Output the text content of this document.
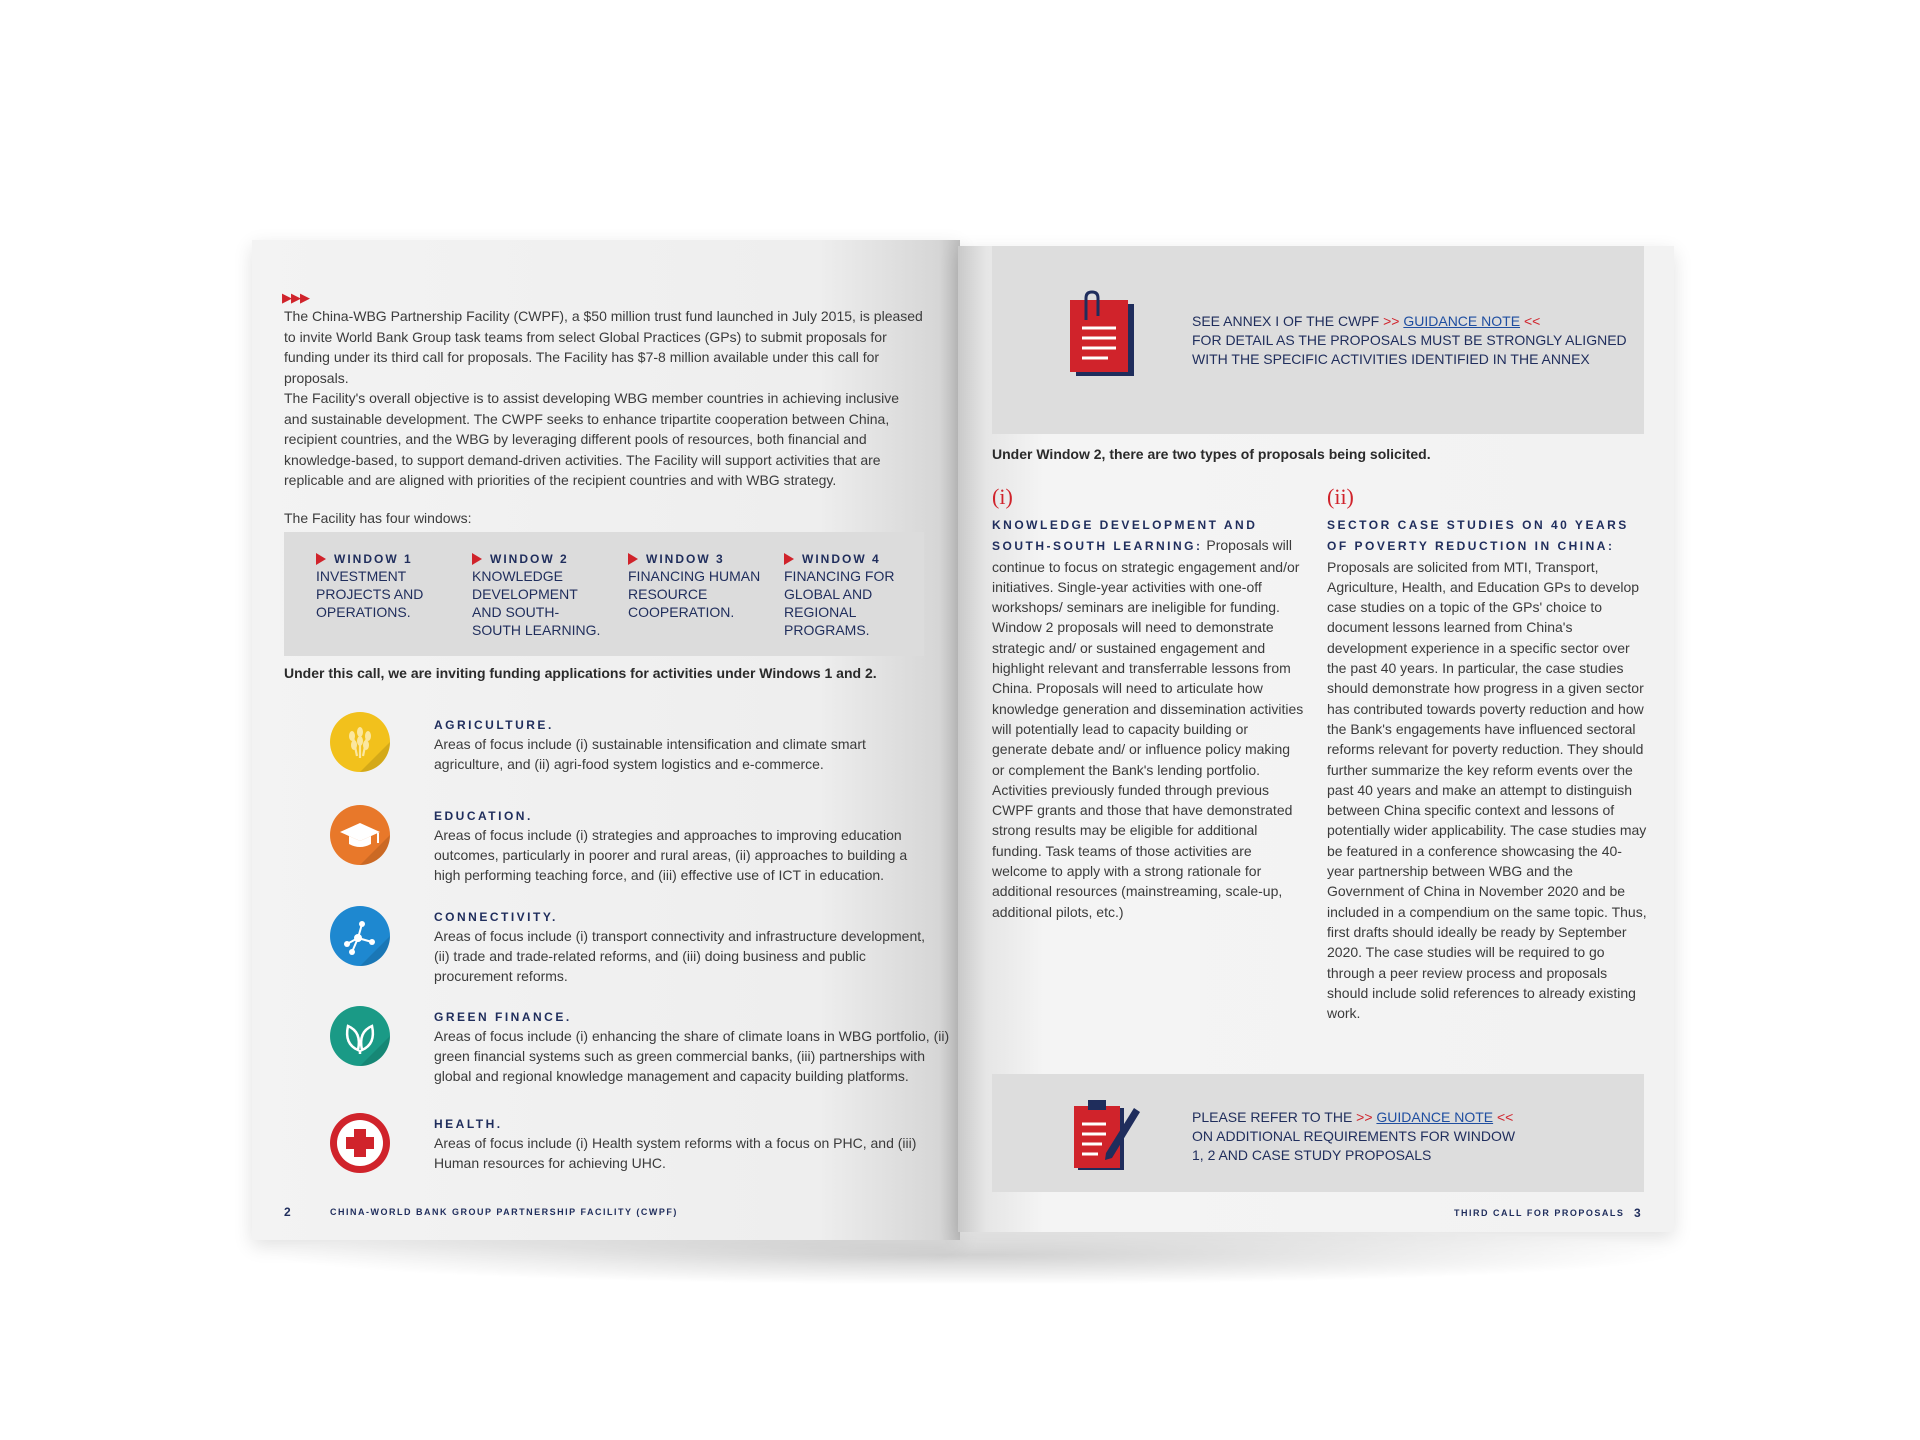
▶▶▶
The China-WBG Partnership Facility (CWPF), a $50 million trust fund launched in July 2015, is pleased to invite World Bank Group task teams from select Global Practices (GPs) to submit proposals for funding under its third call for proposals. The Facility has $7-8 million available under this call for proposals.
The Facility's overall objective is to assist developing WBG member countries in achieving inclusive and sustainable development. The CWPF seeks to enhance tripartite cooperation between China, recipient countries, and the WBG by leveraging different pools of resources, both financial and knowledge-based, to support demand-driven activities. The Facility will support activities that are replicable and are aligned with priorities of the recipient countries and with WBG strategy.
The Facility has four windows:
WINDOW 1
INVESTMENT PROJECTS AND OPERATIONS.
WINDOW 2
KNOWLEDGE DEVELOPMENT AND SOUTH-SOUTH LEARNING.
WINDOW 3
FINANCING HUMAN RESOURCE COOPERATION.
WINDOW 4
FINANCING FOR GLOBAL AND REGIONAL PROGRAMS.
Under this call, we are inviting funding applications for activities under Windows 1 and 2.
AGRICULTURE.
Areas of focus include (i) sustainable intensification and climate smart agriculture, and (ii) agri-food system logistics and e-commerce.
EDUCATION.
Areas of focus include (i) strategies and approaches to improving education outcomes, particularly in poorer and rural areas, (ii) approaches to building a high performing teaching force, and (iii) effective use of ICT in education.
CONNECTIVITY.
Areas of focus include (i) transport connectivity and infrastructure development, (ii) trade and trade-related reforms, and (iii) doing business and public procurement reforms.
GREEN FINANCE.
Areas of focus include (i) enhancing the share of climate loans in WBG portfolio, (ii) green financial systems such as green commercial banks, (iii) partnerships with global and regional knowledge management and capacity building platforms.
HEALTH.
Areas of focus include (i) Health system reforms with a focus on PHC, and (iii) Human resources for achieving UHC.
2	CHINA-WORLD BANK GROUP PARTNERSHIP FACILITY (CWPF)
SEE ANNEX I OF THE CWPF >> GUIDANCE NOTE <<
FOR DETAIL AS THE PROPOSALS MUST BE STRONGLY ALIGNED
WITH THE SPECIFIC ACTIVITIES IDENTIFIED IN THE ANNEX
Under Window 2, there are two types of proposals being solicited.
(i)
KNOWLEDGE DEVELOPMENT AND SOUTH-SOUTH LEARNING: Proposals will continue to focus on strategic engagement and/or initiatives. Single-year activities with one-off workshops/ seminars are ineligible for funding. Window 2 proposals will need to demonstrate strategic and/ or sustained engagement and highlight relevant and transferrable lessons from China. Proposals will need to articulate how knowledge generation and dissemination activities will potentially lead to capacity building or generate debate and/ or influence policy making or complement the Bank's lending portfolio. Activities previously funded through previous CWPF grants and those that have demonstrated strong results may be eligible for additional funding. Task teams of those activities are welcome to apply with a strong rationale for additional resources (mainstreaming, scale-up, additional pilots, etc.)
(ii)
SECTOR CASE STUDIES ON 40 YEARS OF POVERTY REDUCTION IN CHINA: Proposals are solicited from MTI, Transport, Agriculture, Health, and Education GPs to develop case studies on a topic of the GPs' choice to document lessons learned from China's development experience in a specific sector over the past 40 years. In particular, the case studies should demonstrate how progress in a given sector has contributed towards poverty reduction and how the Bank's engagements have influenced sectoral reforms relevant for poverty reduction. They should further summarize the key reform events over the past 40 years and make an attempt to distinguish between China specific context and lessons of potentially wider applicability. The case studies may be featured in a conference showcasing the 40-year partnership between WBG and the Government of China in November 2020 and be included in a compendium on the same topic. Thus, first drafts should ideally be ready by September 2020. The case studies will be required to go through a peer review process and proposals should include solid references to already existing work.
PLEASE REFER TO THE >> GUIDANCE NOTE <<
ON ADDITIONAL REQUIREMENTS FOR WINDOW
1, 2 AND CASE STUDY PROPOSALS
THIRD CALL FOR PROPOSALS 3
